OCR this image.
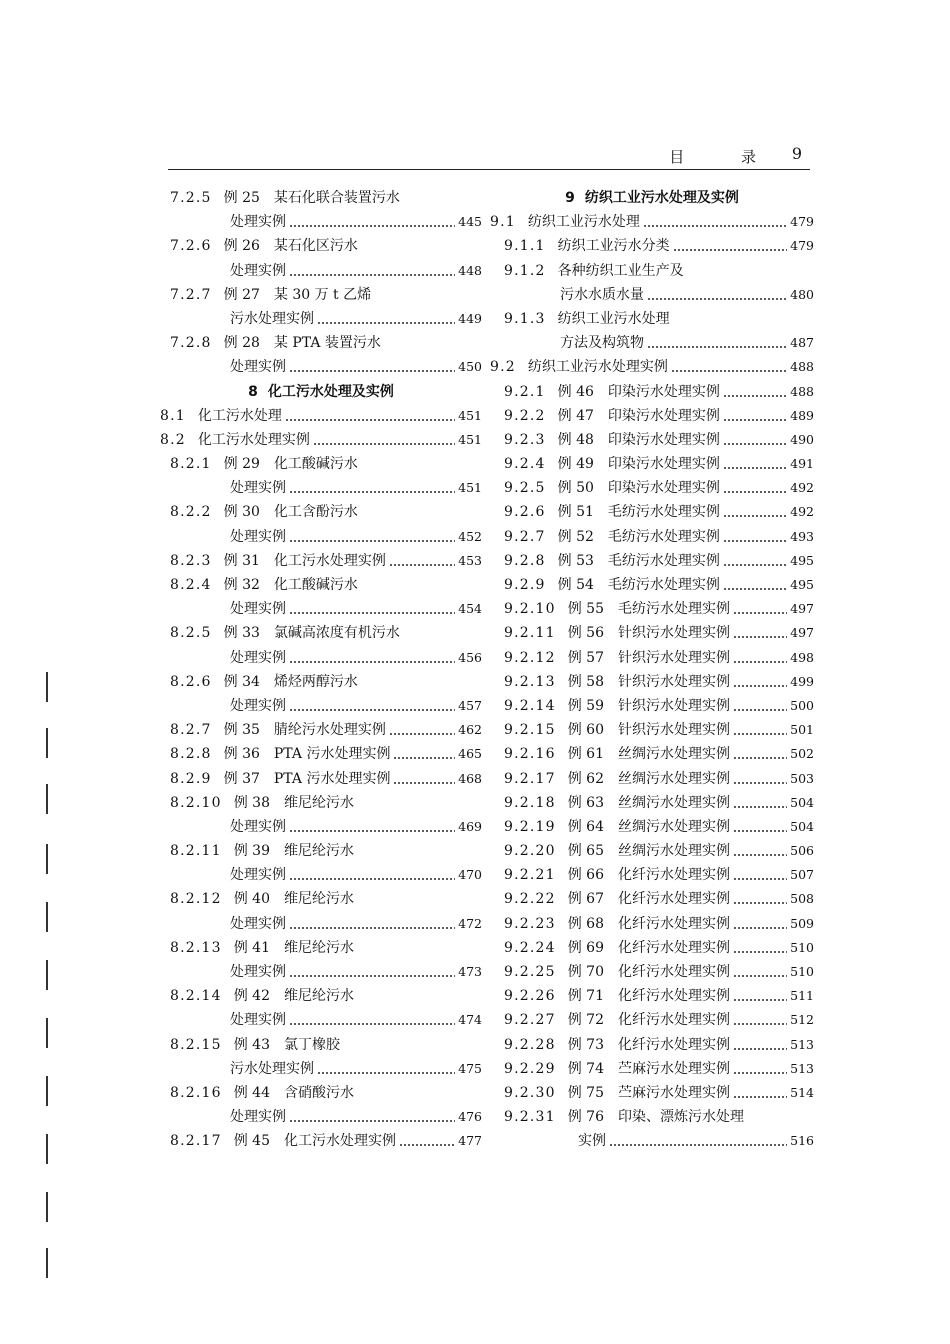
目 录 9
7.2.5 例 25　某石化联合装置污水
处理实例	445
7.2.6 例 26　某石化区污水
处理实例	448
7.2.7 例 27　某 30 万 t 乙烯
污水处理实例	449
7.2.8 例 28　某 PTA 装置污水
处理实例	450
8 化工污水处理及实例
8.1 化工污水处理	451
8.2 化工污水处理实例	451
8.2.1 例 29　化工酸碱污水
处理实例	451
8.2.2 例 30　化工含酚污水
处理实例	452
8.2.3 例 31　化工污水处理实例	453
8.2.4 例 32　化工酸碱污水
处理实例	454
8.2.5 例 33　氯碱高浓度有机污水
处理实例	456
8.2.6 例 34　烯烃两醇污水
处理实例	457
8.2.7 例 35　腈纶污水处理实例	462
8.2.8 例 36　PTA 污水处理实例	465
8.2.9 例 37　PTA 污水处理实例	468
8.2.10 例 38　维尼纶污水
处理实例	469
8.2.11 例 39　维尼纶污水
处理实例	470
8.2.12 例 40　维尼纶污水
处理实例	472
8.2.13 例 41　维尼纶污水
处理实例	473
8.2.14 例 42　维尼纶污水
处理实例	474
8.2.15 例 43　氯丁橡胶
污水处理实例	475
8.2.16 例 44　含硝酸污水
处理实例	476
8.2.17 例 45　化工污水处理实例	477
9 纺织工业污水处理及实例
9.1 纺织工业污水处理	479
9.1.1 纺织工业污水分类	479
9.1.2 各种纺织工业生产及
污水水质水量	480
9.1.3 纺织工业污水处理
方法及构筑物	487
9.2 纺织工业污水处理实例	488
9.2.1 例 46　印染污水处理实例	488
9.2.2 例 47　印染污水处理实例	489
9.2.3 例 48　印染污水处理实例	490
9.2.4 例 49　印染污水处理实例	491
9.2.5 例 50　印染污水处理实例	492
9.2.6 例 51　毛纺污水处理实例	492
9.2.7 例 52　毛纺污水处理实例	493
9.2.8 例 53　毛纺污水处理实例	495
9.2.9 例 54　毛纺污水处理实例	495
9.2.10 例 55　毛纺污水处理实例	497
9.2.11 例 56　针织污水处理实例	497
9.2.12 例 57　针织污水处理实例	498
9.2.13 例 58　针织污水处理实例	499
9.2.14 例 59　针织污水处理实例	500
9.2.15 例 60　针织污水处理实例	501
9.2.16 例 61　丝绸污水处理实例	502
9.2.17 例 62　丝绸污水处理实例	503
9.2.18 例 63　丝绸污水处理实例	504
9.2.19 例 64　丝绸污水处理实例	504
9.2.20 例 65　丝绸污水处理实例	506
9.2.21 例 66　化纤污水处理实例	507
9.2.22 例 67　化纤污水处理实例	508
9.2.23 例 68　化纤污水处理实例	509
9.2.24 例 69　化纤污水处理实例	510
9.2.25 例 70　化纤污水处理实例	510
9.2.26 例 71　化纤污水处理实例	511
9.2.27 例 72　化纤污水处理实例	512
9.2.28 例 73　化纤污水处理实例	513
9.2.29 例 74　苎麻污水处理实例	513
9.2.30 例 75　苎麻污水处理实例	514
9.2.31 例 76　印染、漂炼污水处理
实例	516
